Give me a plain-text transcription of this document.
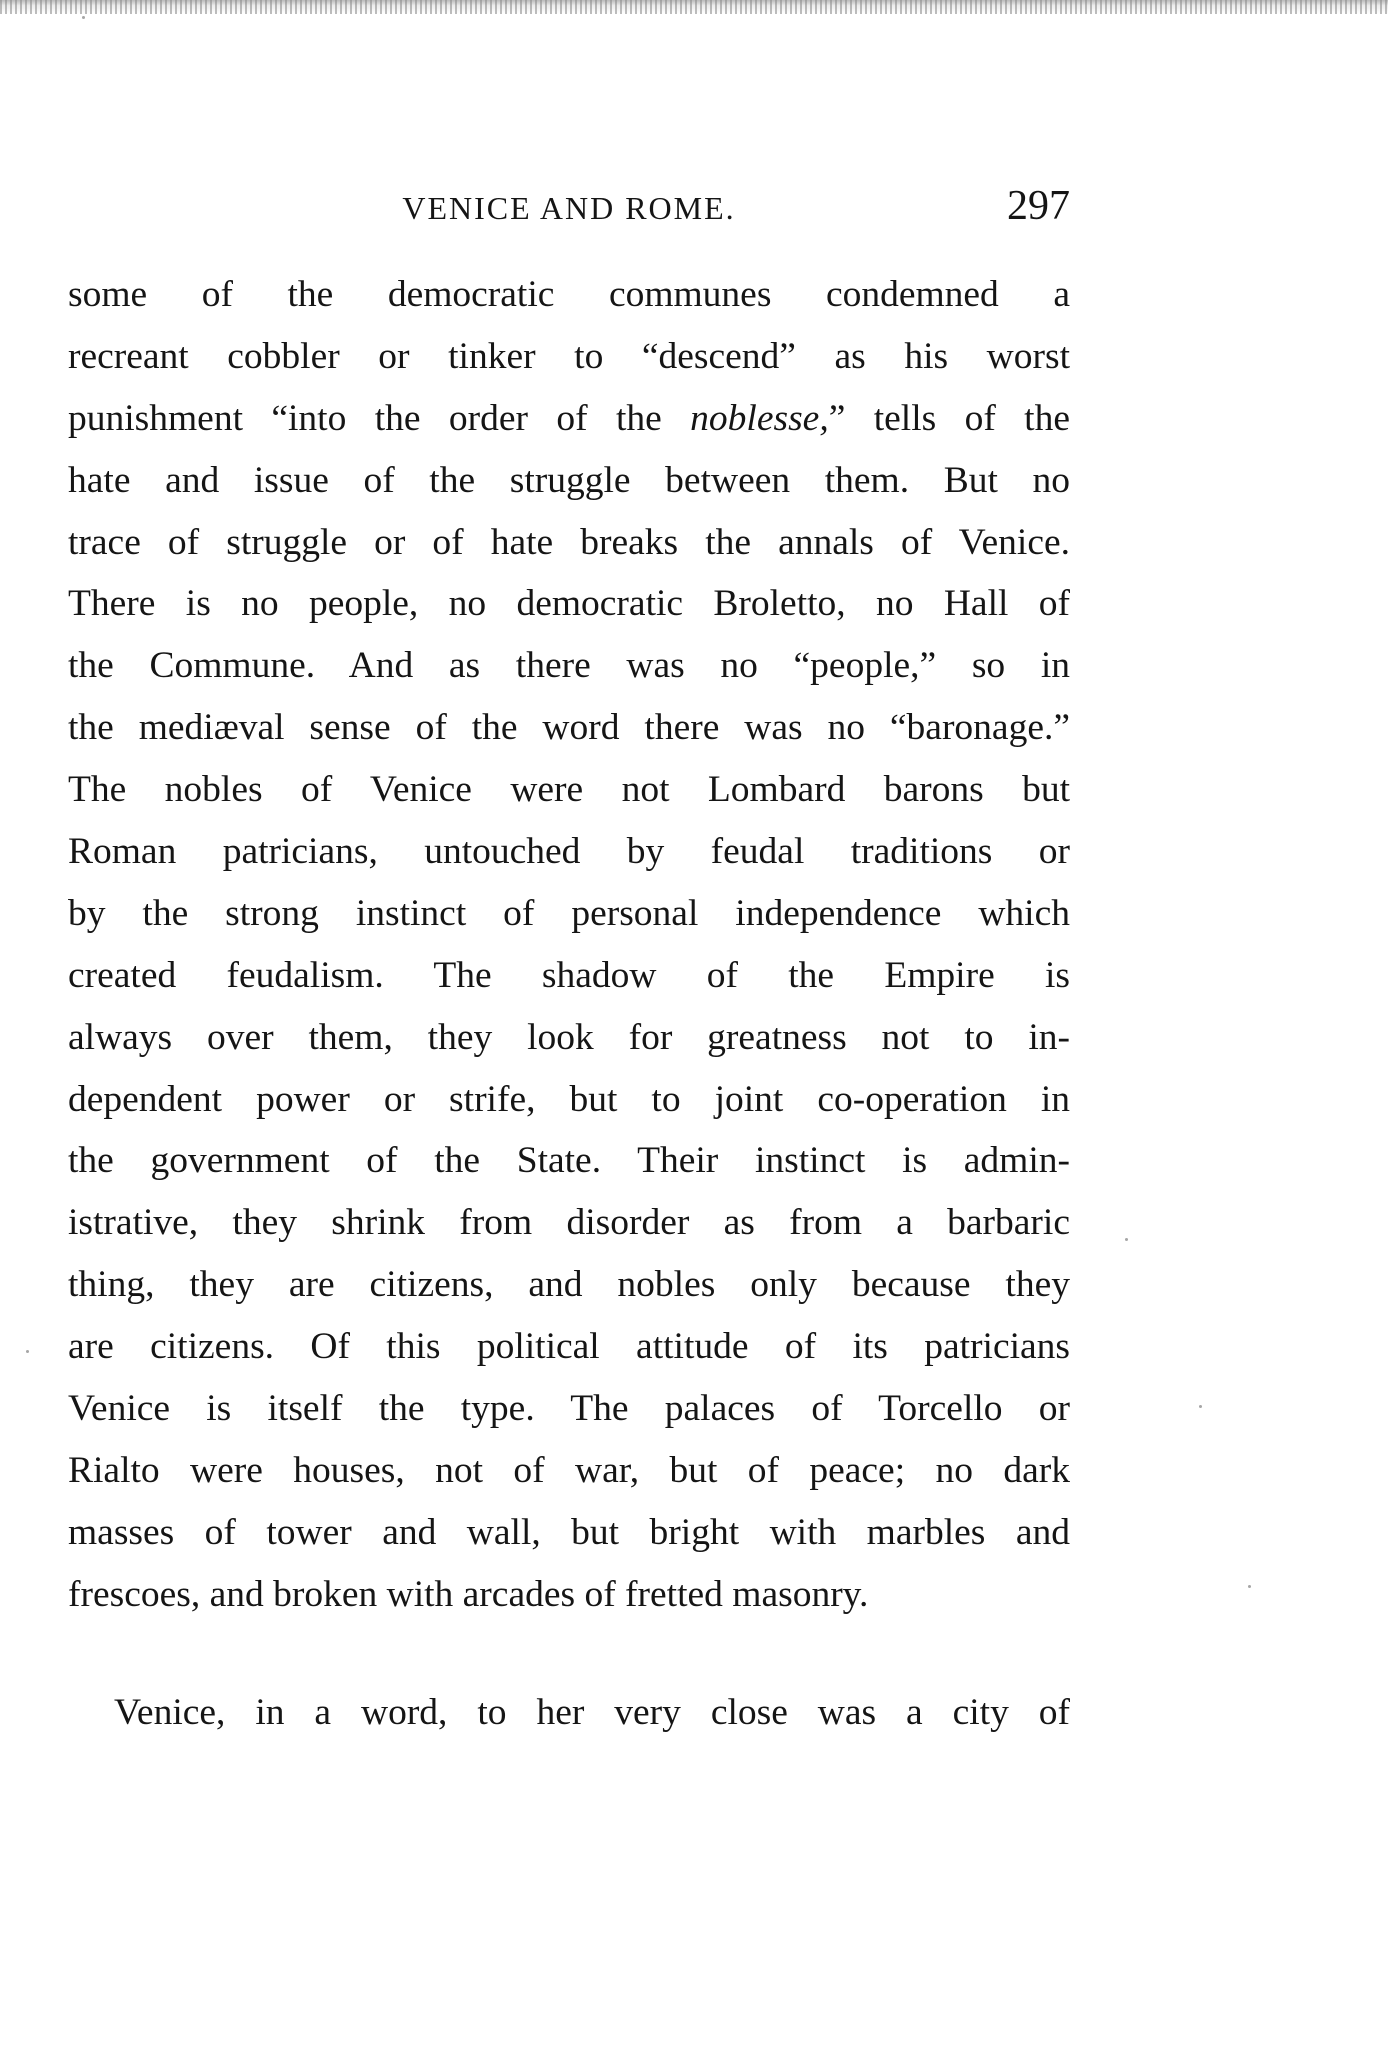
VENICE AND ROME.	297
some of the democratic communes condemned a
recreant cobbler or tinker to “descend” as his worst
punishment “into the order of the noblesse,” tells of the
hate and issue of the struggle between them. But no
trace of struggle or of hate breaks the annals of Venice.
There is no people, no democratic Broletto, no Hall of
the Commune. And as there was no “people,” so in
the mediæval sense of the word there was no “baronage.”
The nobles of Venice were not Lombard barons but
Roman patricians, untouched by feudal traditions or
by the strong instinct of personal independence which
created feudalism. The shadow of the Empire is
always over them, they look for greatness not to in-
dependent power or strife, but to joint co-operation in
the government of the State. Their instinct is admin-
istrative, they shrink from disorder as from a barbaric
thing, they are citizens, and nobles only because they
are citizens. Of this political attitude of its patricians
Venice is itself the type. The palaces of Torcello or
Rialto were houses, not of war, but of peace; no dark
masses of tower and wall, but bright with marbles and
frescoes, and broken with arcades of fretted masonry.
Venice, in a word, to her very close was a city of
